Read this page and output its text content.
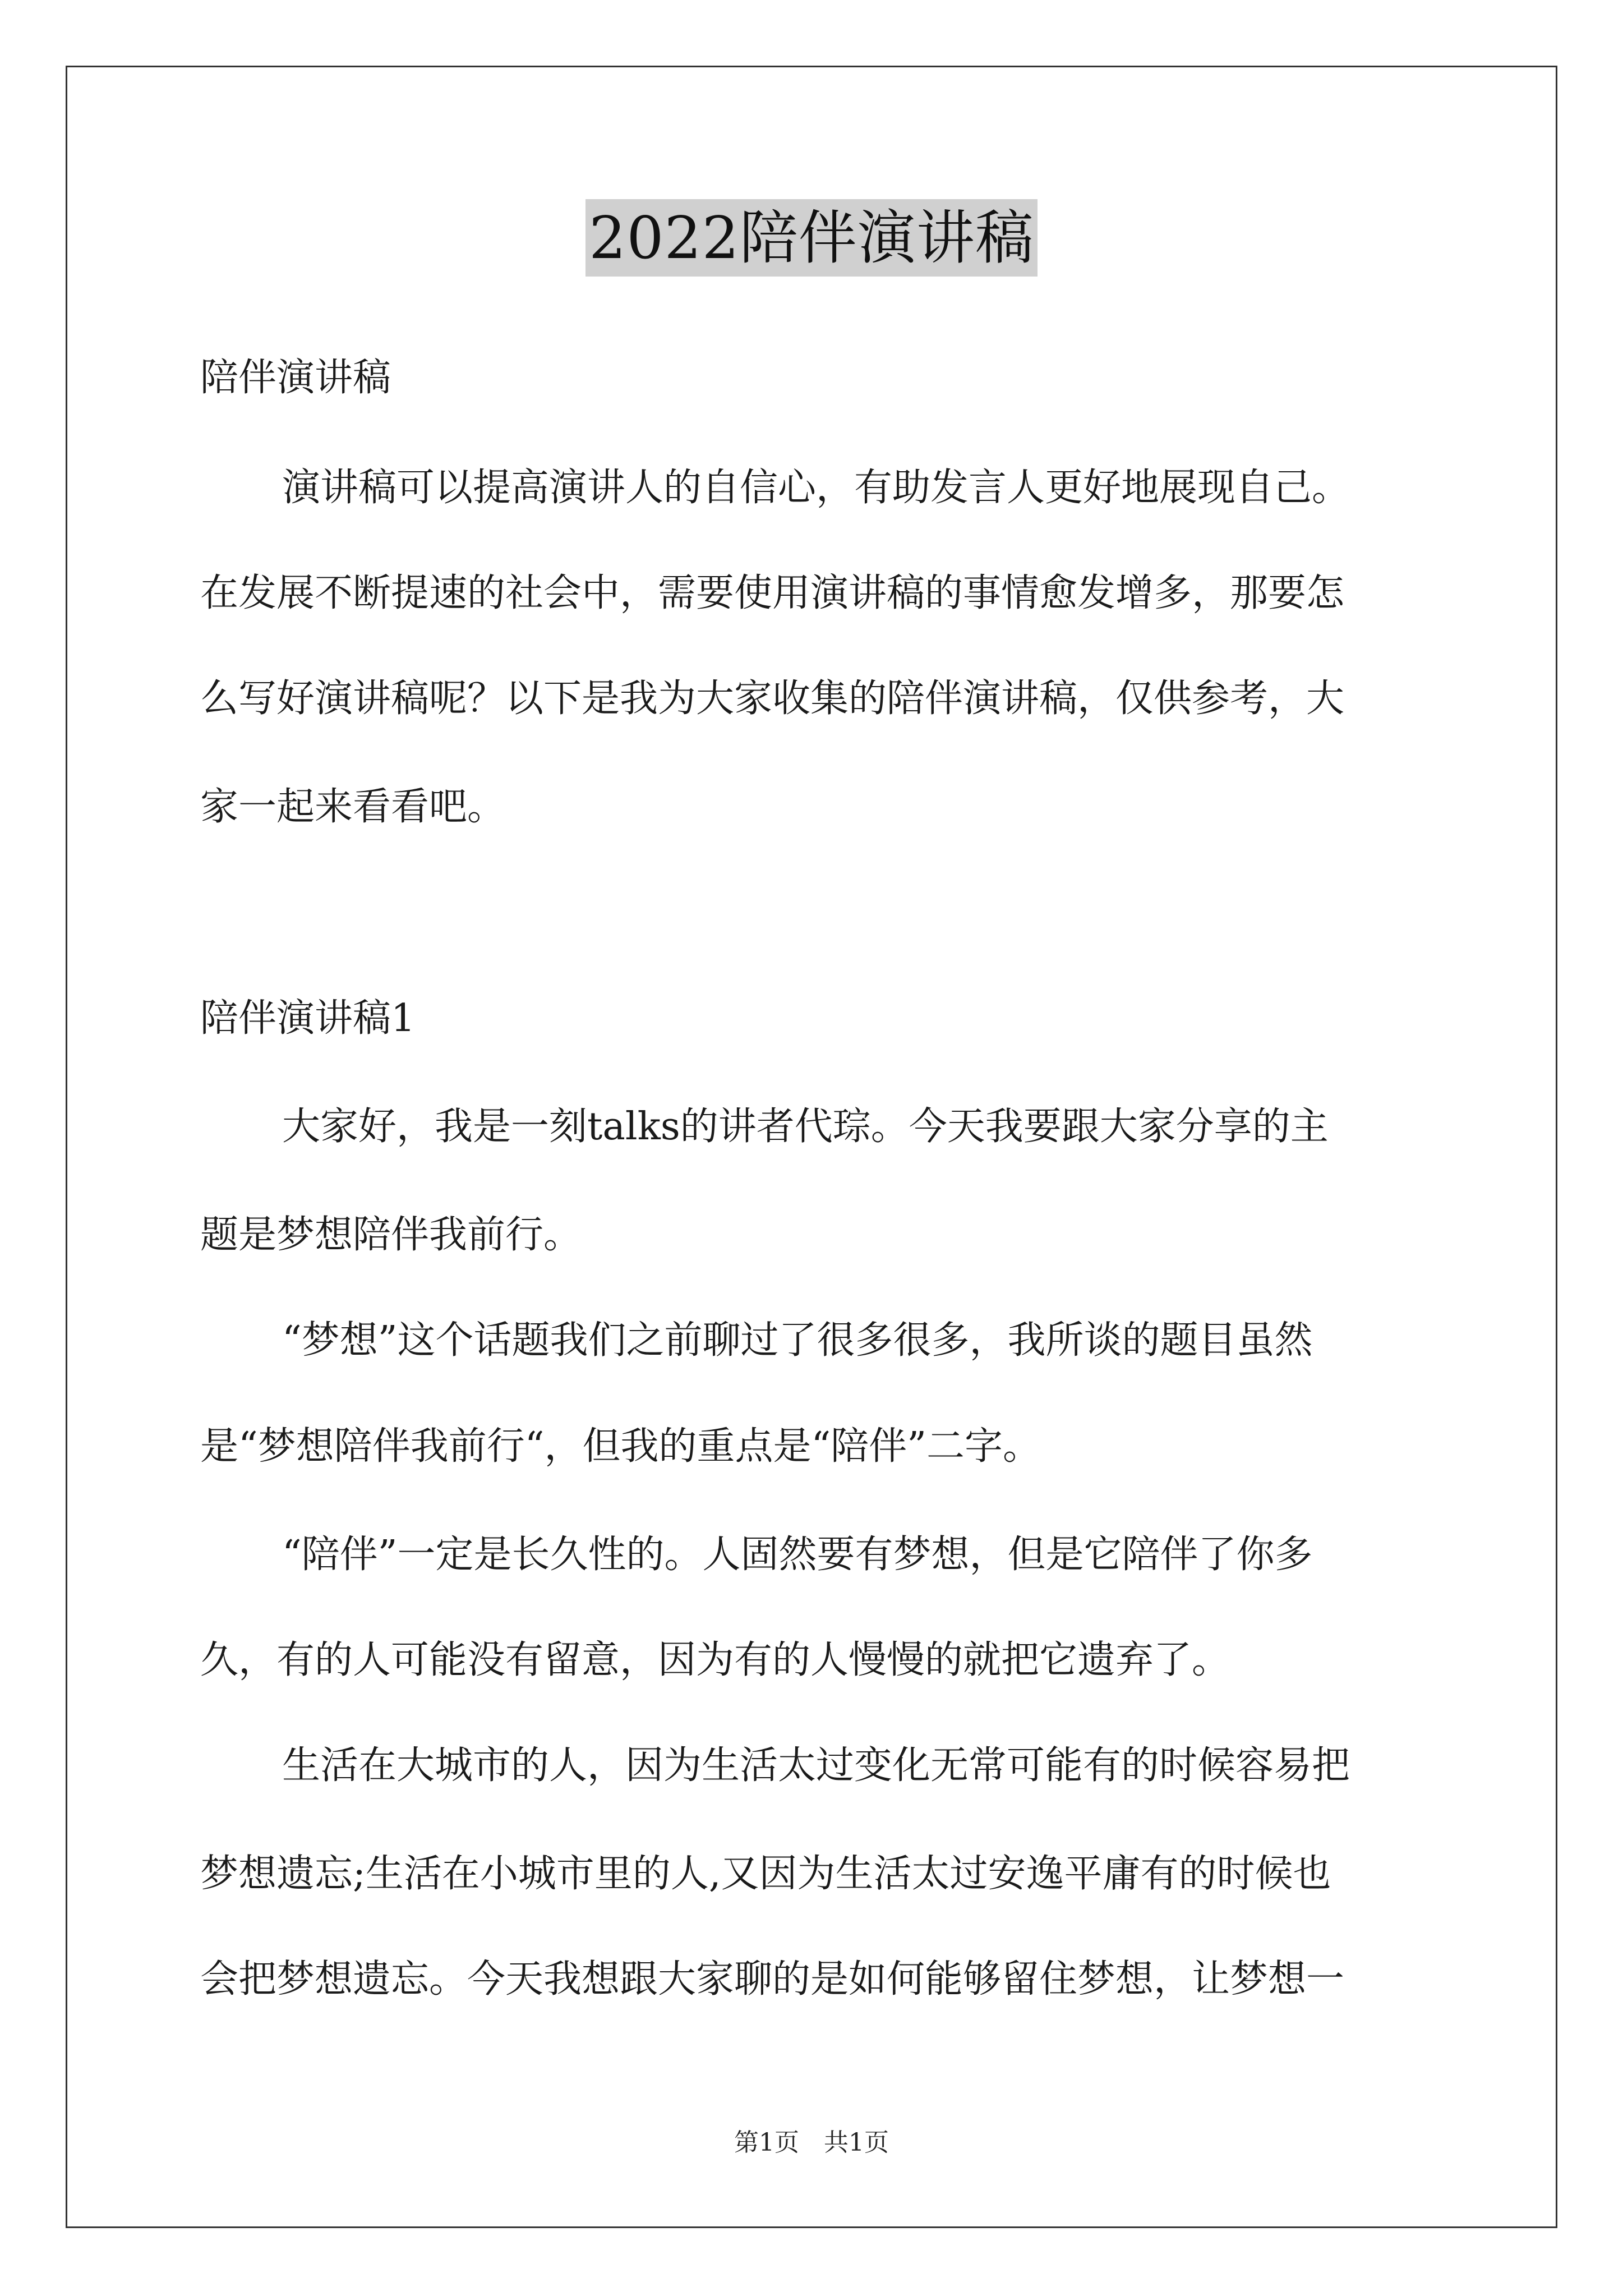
2022陪伴演讲稿
陪伴演讲稿
演讲稿可以提高演讲人的自信心，有助发言人更好地展现自己。
在发展不断提速的社会中，需要使用演讲稿的事情愈发增多，那要怎
么写好演讲稿呢？以下是我为大家收集的陪伴演讲稿，仅供参考，大
家一起来看看吧。
陪伴演讲稿1
大家好，我是一刻talks的讲者代琮。今天我要跟大家分享的主
题是梦想陪伴我前行。
“梦想”这个话题我们之前聊过了很多很多，我所谈的题目虽然
是“梦想陪伴我前行“，但我的重点是“陪伴”二字。
“陪伴”一定是长久性的。人固然要有梦想，但是它陪伴了你多
久，有的人可能没有留意，因为有的人慢慢的就把它遗弃了。
生活在大城市的人，因为生活太过变化无常可能有的时候容易把
梦想遗忘;生活在小城市里的人,又因为生活太过安逸平庸有的时候也
会把梦想遗忘。今天我想跟大家聊的是如何能够留住梦想，让梦想一
第1页 共1页
